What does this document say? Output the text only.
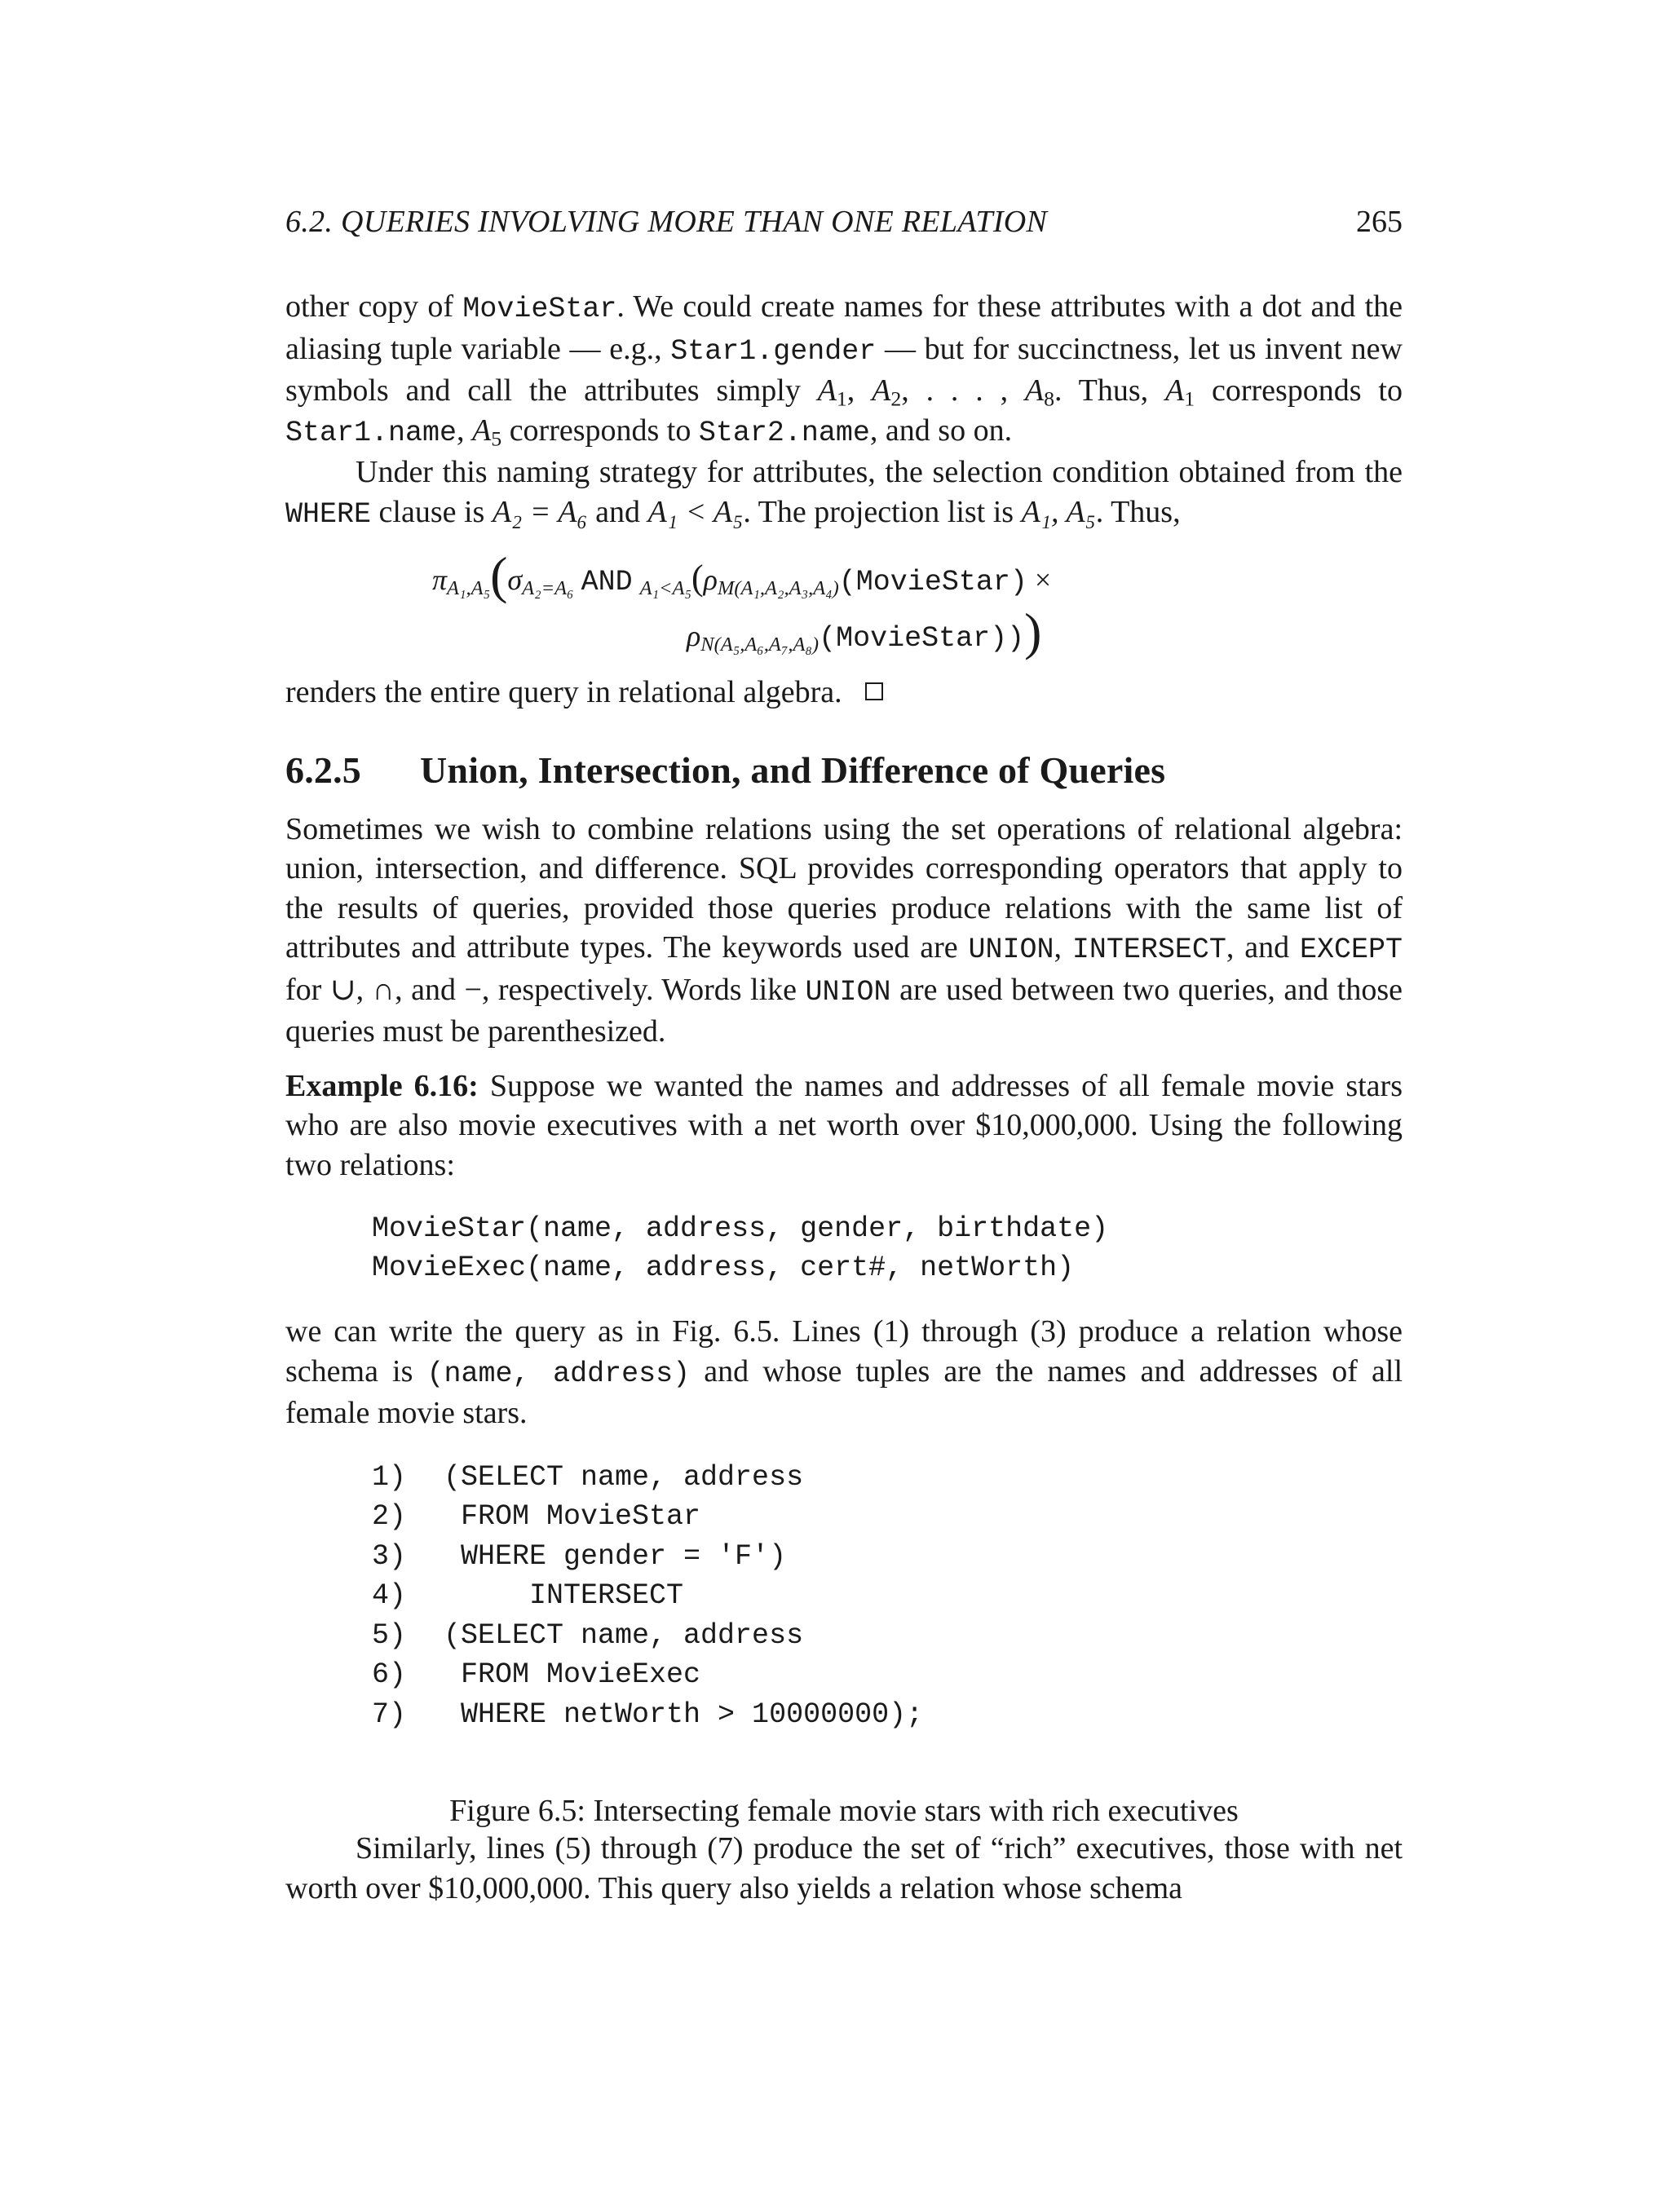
6.2. QUERIES INVOLVING MORE THAN ONE RELATION	265

other copy of MovieStar. We could create names for these attributes with a dot and the aliasing tuple variable — e.g., Star1.gender — but for succinctness, let us invent new symbols and call the attributes simply $A_1$, $A_2$, . . . , $A_8$. Thus, $A_1$ corresponds to Star1.name, $A_5$ corresponds to Star2.name, and so on.

Under this naming strategy for attributes, the selection condition obtained from the WHERE clause is A₂ = A₆ and A₁ < A₅. The projection list is A₁, A₅. Thus,

$\pi_{A_1,A_5}(\sigma_{A_2=A_6}$ AND $_{A_1<A_5}(\rho_{M(A_1,A_2,A_3,A_4)}(MovieStar)$ ×
$\rho_{N(A_5,A_6,A_7,A_8)}(MovieStar)$))

renders the entire query in relational algebra.

6.2.5 Union, Intersection, and Difference of Queries

Sometimes we wish to combine relations using the set operations of relational algebra: union, intersection, and difference. SQL provides corresponding operators that apply to the results of queries, provided those queries produce relations with the same list of attributes and attribute types. The keywords used are UNION, INTERSECT, and EXCEPT for ∪, ∩, and −, respectively. Words like UNION are used between two queries, and those queries must be parenthesized.

Example 6.16: Suppose we wanted the names and addresses of all female movie stars who are also movie executives with a net worth over $10,000,000. Using the following two relations:

MovieStar(name, address, gender, birthdate)
MovieExec(name, address, cert#, netWorth)

we can write the query as in Fig. 6.5. Lines (1) through (3) produce a relation whose schema is (name, address) and whose tuples are the names and addresses of all female movie stars.

1) (SELECT name, address
2) FROM MovieStar
3) WHERE gender = 'F')
4)     INTERSECT
5) (SELECT name, address
6) FROM MovieExec
7) WHERE netWorth > 10000000);
Figure 6.5: Intersecting female movie stars with rich executives

Similarly, lines (5) through (7) produce the set of “rich” executives, those with net worth over $10,000,000. This query also yields a relation whose schema
